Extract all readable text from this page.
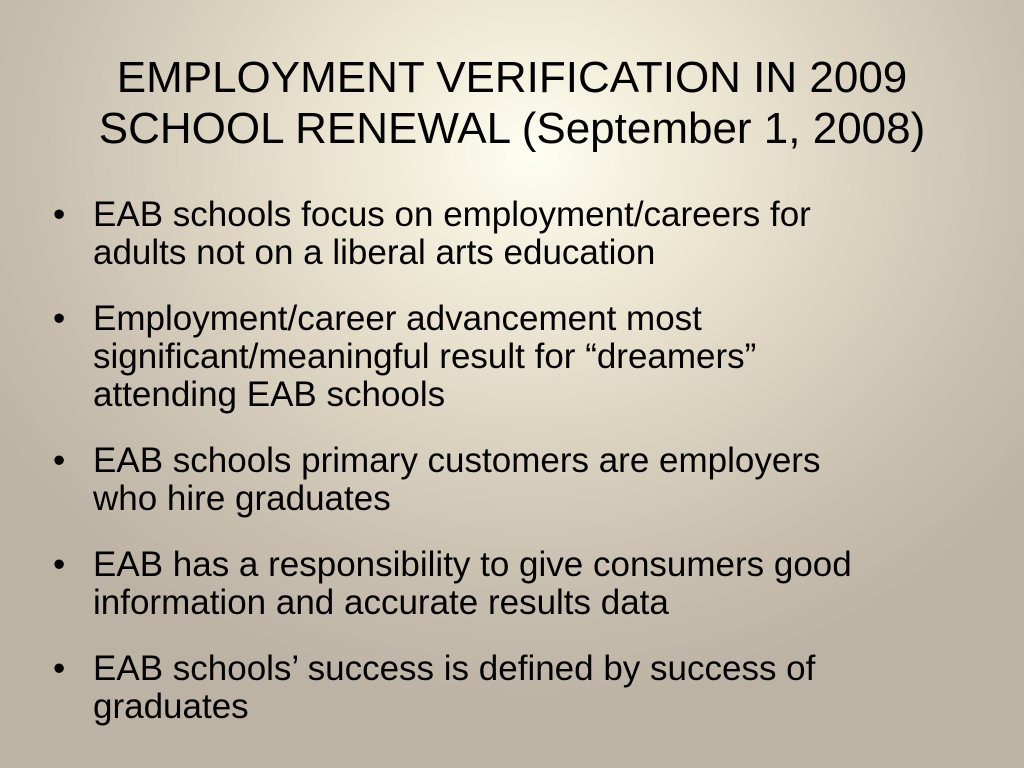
EMPLOYMENT VERIFICATION IN 2009
SCHOOL RENEWAL (September 1, 2008)
• EAB schools focus on employment/careers for
adults not on a liberal arts education
• Employment/career advancement most
significant/meaningful result for “dreamers”
attending EAB schools
• EAB schools primary customers are employers
who hire graduates
• EAB has a responsibility to give consumers good
information and accurate results data
• EAB schools’ success is defined by success of
graduates
